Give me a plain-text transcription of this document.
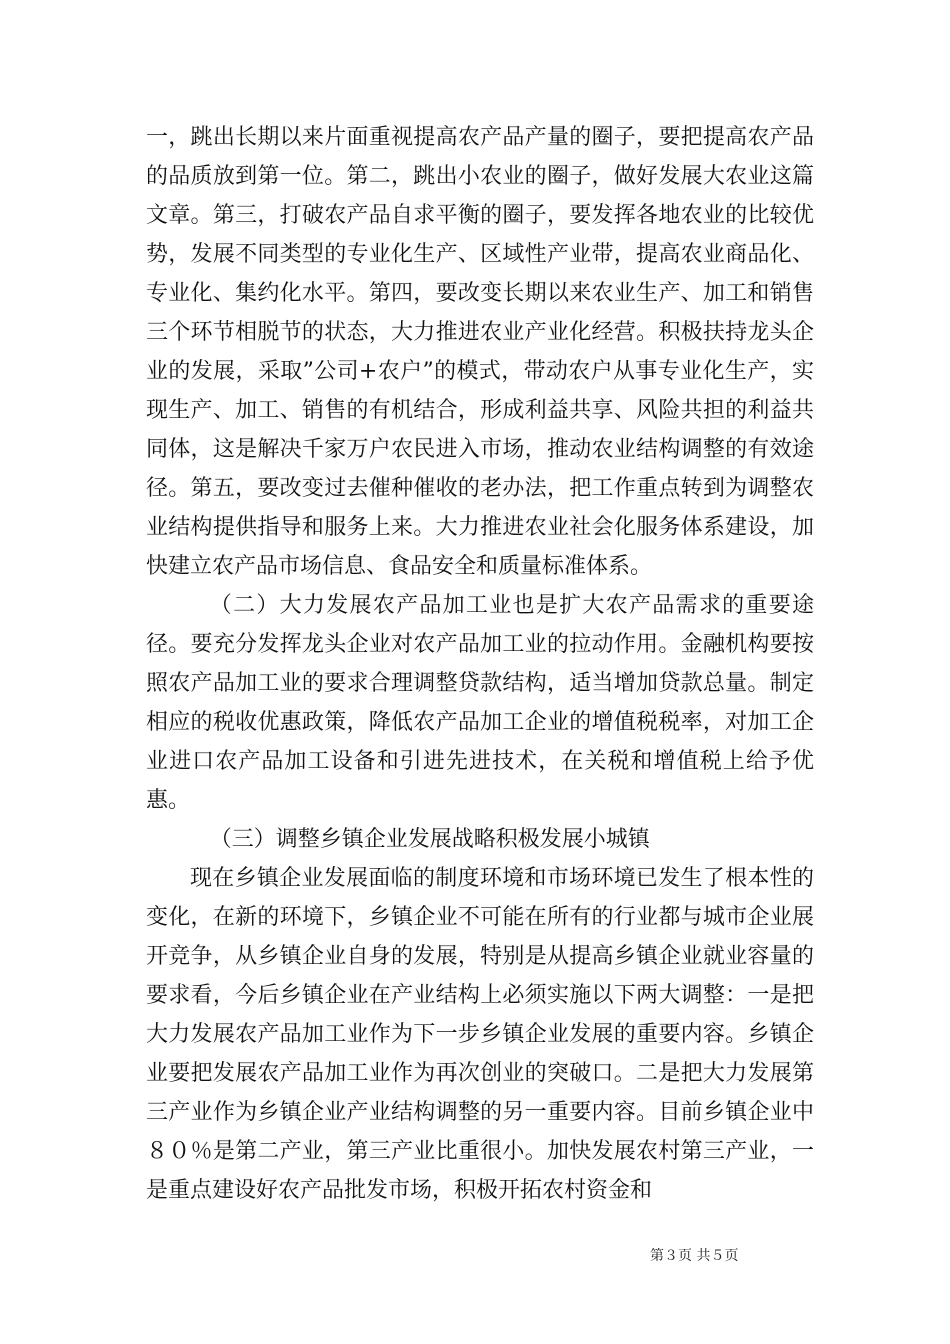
一，跳出长期以来片面重视提高农产品产量的圈子，要把提高农产品的品质放到第一位。第二，跳出小农业的圈子，做好发展大农业这篇文章。第三，打破农产品自求平衡的圈子，要发挥各地农业的比较优势，发展不同类型的专业化生产、区域性产业带，提高农业商品化、专业化、集约化水平。第四，要改变长期以来农业生产、加工和销售三个环节相脱节的状态，大力推进农业产业化经营。积极扶持龙头企业的发展，采取”公司+农户”的模式，带动农户从事专业化生产，实现生产、加工、销售的有机结合，形成利益共享、风险共担的利益共同体，这是解决千家万户农民进入市场，推动农业结构调整的有效途径。第五，要改变过去催种催收的老办法，把工作重点转到为调整农业结构提供指导和服务上来。大力推进农业社会化服务体系建设，加快建立农产品市场信息、食品安全和质量标准体系。

（二）大力发展农产品加工业也是扩大农产品需求的重要途径。要充分发挥龙头企业对农产品加工业的拉动作用。金融机构要按照农产品加工业的要求合理调整贷款结构，适当增加贷款总量。制定相应的税收优惠政策，降低农产品加工企业的增值税税率，对加工企业进口农产品加工设备和引进先进技术，在关税和增值税上给予优惠。

（三）调整乡镇企业发展战略积极发展小城镇

现在乡镇企业发展面临的制度环境和市场环境已发生了根本性的变化，在新的环境下，乡镇企业不可能在所有的行业都与城市企业展开竞争，从乡镇企业自身的发展，特别是从提高乡镇企业就业容量的要求看，今后乡镇企业在产业结构上必须实施以下两大调整：一是把大力发展农产品加工业作为下一步乡镇企业发展的重要内容。乡镇企业要把发展农产品加工业作为再次创业的突破口。二是把大力发展第三产业作为乡镇企业产业结构调整的另一重要内容。目前乡镇企业中８０％是第二产业，第三产业比重很小。加快发展农村第三产业，一是重点建设好农产品批发市场，积极开拓农村资金和

第３页 共５页
